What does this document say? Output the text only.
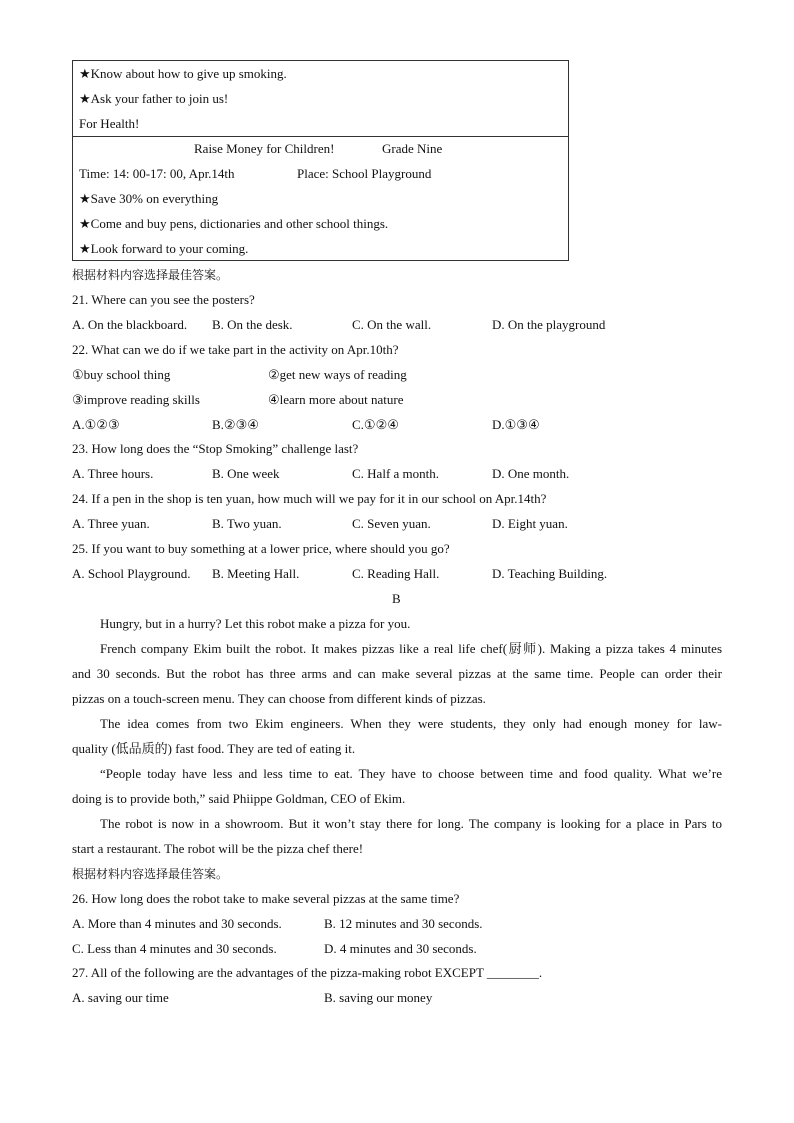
★Know about how to give up smoking.
★Ask your father to join us!
For Health!
Raise Money for Children!	Grade Nine
Time: 14: 00-17: 00, Apr.14th	Place: School Playground
★Save 30% on everything
★Come and buy pens, dictionaries and other school things.
★Look forward to your coming.
根据材料内容选择最佳答案。
21. Where can you see the posters?
A. On the blackboard. B. On the desk.	C. On the wall.	D. On the playground
22. What can we do if we take part in the activity on Apr.10th?
①buy school thing	②get new ways of reading
③improve reading skills	④learn more about nature
A.①②③	B.②③④	C.①②④	D.①③④
23. How long does the “Stop Smoking” challenge last?
A. Three hours.	B. One week	C. Half a month.	D. One month.
24. If a pen in the shop is ten yuan, how much will we pay for it in our school on Apr.14th?
A. Three yuan.	B. Two yuan.	C. Seven yuan.	D. Eight yuan.
25. If you want to buy something at a lower price, where should you go?
A. School Playground. B. Meeting Hall.	C. Reading Hall.	D. Teaching Building.
B
Hungry, but in a hurry? Let this robot make a pizza for you.
French company Ekim built the robot. It makes pizzas like a real life chef(厨师). Making a pizza takes 4 minutes
and 30 seconds. But the robot has three arms and can make several pizzas at the same time. People can order their
pizzas on a touch-screen menu. They can choose from different kinds of pizzas.
The idea comes from two Ekim engineers. When they were students, they only had enough money for law-
quality (低品质的) fast food. They are ted of eating it.
“People today have less and less time to eat. They have to choose between time and food quality. What we’re
doing is to provide both,” said Phiippe Goldman, CEO of Ekim.
The robot is now in a showroom. But it won’t stay there for long. The company is looking for a place in Pars to
start a restaurant. The robot will be the pizza chef there!
根据材料内容选择最佳答案。
26. How long does the robot take to make several pizzas at the same time?
A. More than 4 minutes and 30 seconds.	B. 12 minutes and 30 seconds.
C. Less than 4 minutes and 30 seconds.	D. 4 minutes and 30 seconds.
27. All of the following are the advantages of the pizza-making robot EXCEPT ________.
A. saving our time	B. saving our money
